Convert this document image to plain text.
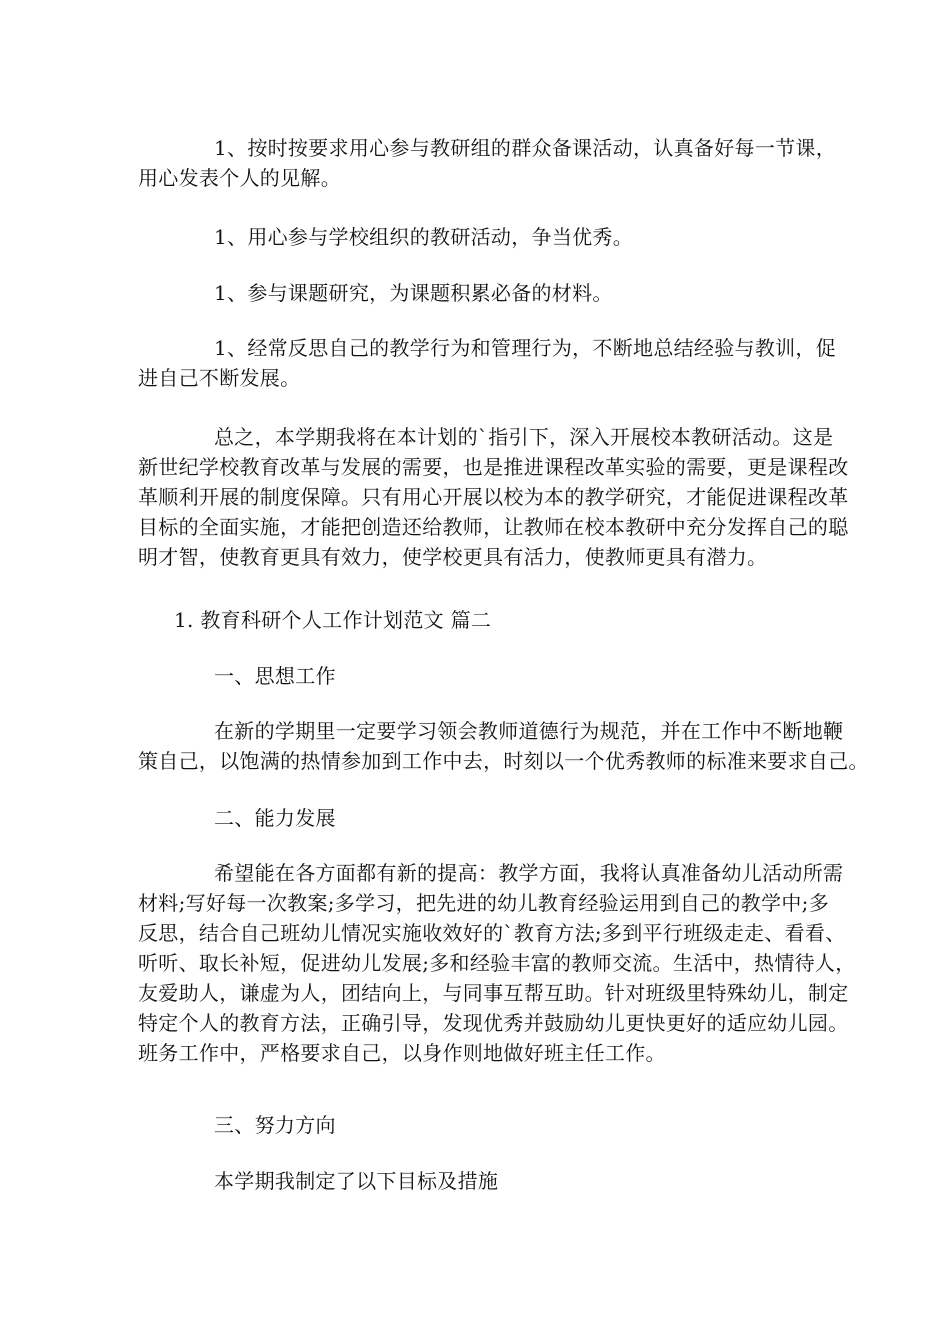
1、按时按要求用心参与教研组的群众备课活动，认真备好每一节课，
用心发表个人的见解。

1、用心参与学校组织的教研活动，争当优秀。

1、参与课题研究，为课题积累必备的材料。

1、经常反思自己的教学行为和管理行为，不断地总结经验与教训，促
进自己不断发展。

总之，本学期我将在本计划的`指引下，深入开展校本教研活动。这是
新世纪学校教育改革与发展的需要，也是推进课程改革实验的需要，更是课程改
革顺利开展的制度保障。只有用心开展以校为本的教学研究，才能促进课程改革
目标的全面实施，才能把创造还给教师，让教师在校本教研中充分发挥自己的聪
明才智，使教育更具有效力，使学校更具有活力，使教师更具有潜力。

1. 教育科研个人工作计划范文 篇二

一、思想工作

在新的学期里一定要学习领会教师道德行为规范，并在工作中不断地鞭
策自己，以饱满的热情参加到工作中去，时刻以一个优秀教师的标准来要求自己。

二、能力发展

希望能在各方面都有新的提高：教学方面，我将认真准备幼儿活动所需
材料;写好每一次教案;多学习，把先进的幼儿教育经验运用到自己的教学中;多
反思，结合自己班幼儿情况实施收效好的`教育方法;多到平行班级走走、看看、
听听、取长补短，促进幼儿发展;多和经验丰富的教师交流。生活中，热情待人，
友爱助人，谦虚为人，团结向上，与同事互帮互助。针对班级里特殊幼儿，制定
特定个人的教育方法，正确引导，发现优秀并鼓励幼儿更快更好的适应幼儿园。
班务工作中，严格要求自己，以身作则地做好班主任工作。

三、努力方向

本学期我制定了以下目标及措施
